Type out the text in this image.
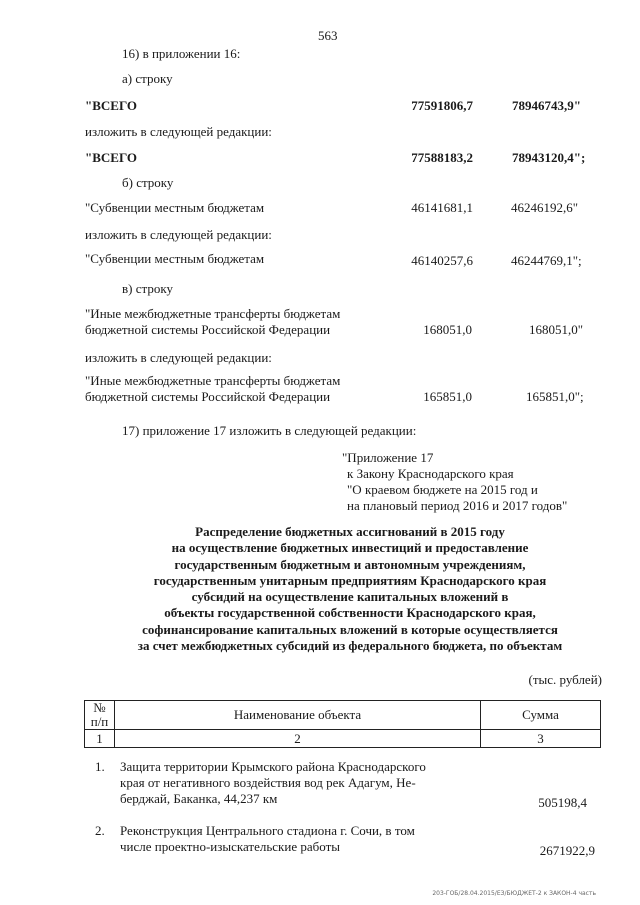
563
16) в приложении 16:
а) строку
"ВСЕГО	77591806,7	78946743,9"
изложить в следующей редакции:
"ВСЕГО	77588183,2	78943120,4";
б) строку
"Субвенции местным бюджетам	46141681,1	46246192,6"
изложить в следующей редакции:
"Субвенции местным бюджетам	46140257,6	46244769,1";
в) строку
"Иные межбюджетные трансферты бюджетам
бюджетной системы Российской Федерации	168051,0	168051,0"
изложить в следующей редакции:
"Иные межбюджетные трансферты бюджетам
бюджетной системы Российской Федерации	165851,0	165851,0";
17) приложение 17 изложить в следующей редакции:
"Приложение 17
к Закону Краснодарского края
"О краевом бюджете на 2015 год и
на плановый период 2016 и 2017 годов"
Распределение бюджетных ассигнований в 2015 году
на осуществление бюджетных инвестиций и предоставление
государственным бюджетным и автономным учреждениям,
государственным унитарным предприятиям Краснодарского края
субсидий на осуществление капитальных вложений в
объекты государственной собственности Краснодарского края,
софинансирование капитальных вложений в которые осуществляется
за счет межбюджетных субсидий из федерального бюджета, по объектам
(тыс. рублей)
№
п/п	Наименование объекта	Сумма
1	2	3
1. Защита территории Крымского района Краснодарского
края от негативного воздействия вод рек Адагум, Не-
берджай, Баканка, 44,237 км	505198,4
2. Реконструкция Центрального стадиона г. Сочи, в том
числе проектно-изыскательские работы	2671922,9
203-ГОБ/28.04.2015/ЕЗ/БЮДЖЕТ-2 к ЗАКОН-4 часть
